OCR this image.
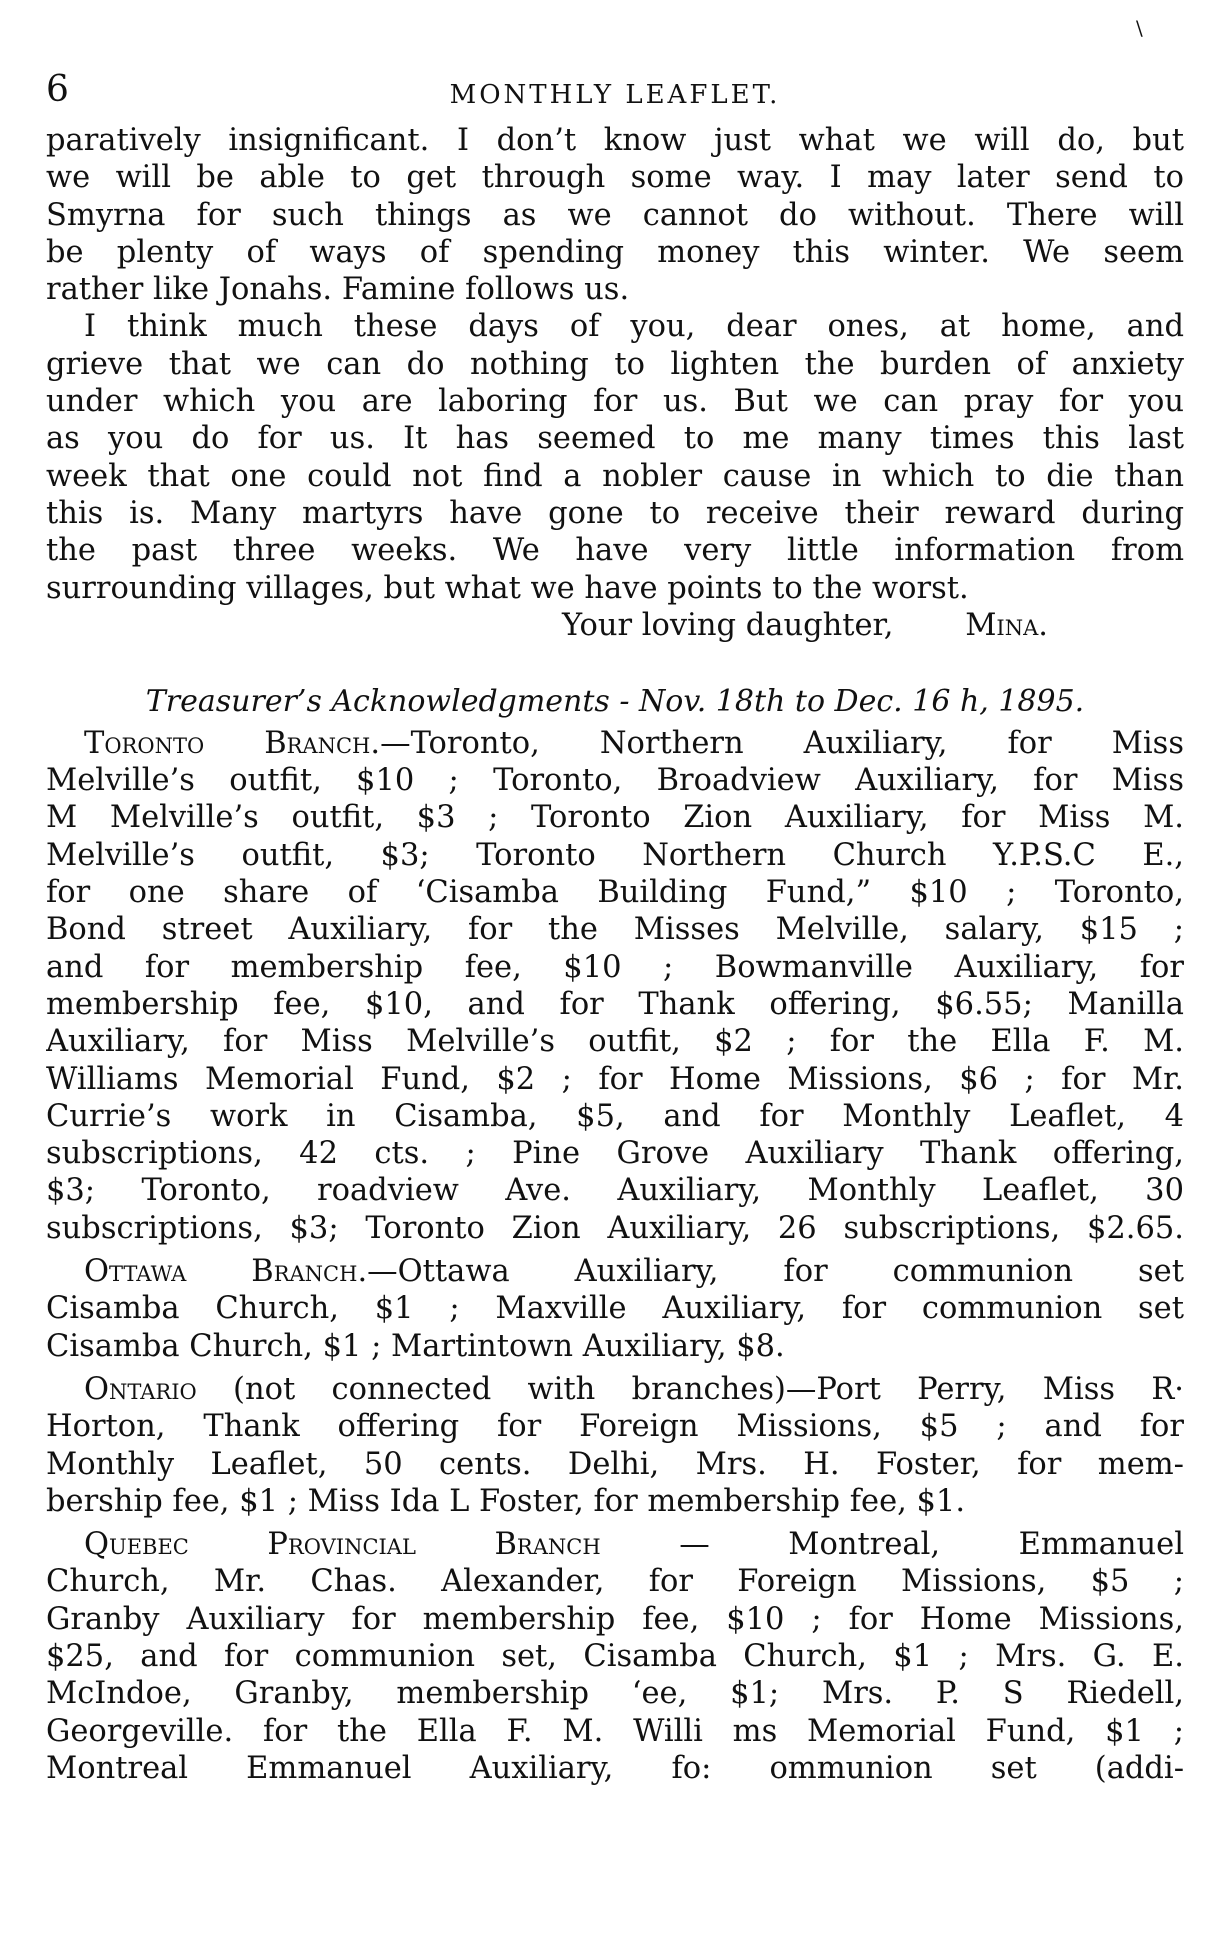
6	MONTHLY LEAFLET.
\
paratively insignificant. I don’t know just what we will do, but
we will be able to get through some way. I may later send to
Smyrna for such things as we cannot do without. There will
be plenty of ways of spending money this winter. We seem
rather like Jonahs. Famine follows us.
I think much these days of you, dear ones, at home, and
grieve that we can do nothing to lighten the burden of anxiety
under which you are laboring for us. But we can pray for you
as you do for us. It has seemed to me many times this last
week that one could not find a nobler cause in which to die than
this is. Many martyrs have gone to receive their reward during
the past three weeks. We have very little information from
surrounding villages, but what we have points to the worst.
Your loving daughter, Mina.
Treasurer’s Acknowledgments - Nov. 18th to Dec. 16 h, 1895.
Toronto Branch.—Toronto, Northern Auxiliary, for Miss
Melville’s outfit, $10 ; Toronto, Broadview Auxiliary, for Miss
M Melville’s outfit, $3 ; Toronto Zion Auxiliary, for Miss M.
Melville’s outfit, $3; Toronto Northern Church Y.P.S.C E.,
for one share of ‘Cisamba Building Fund,” $10 ; Toronto,
Bond street Auxiliary, for the Misses Melville, salary, $15 ;
and for membership fee, $10 ; Bowmanville Auxiliary, for
membership fee, $10, and for Thank offering, $6.55; Manilla
Auxiliary, for Miss Melville’s outfit, $2 ; for the Ella F. M.
Williams Memorial Fund, $2 ; for Home Missions, $6 ; for Mr.
Currie’s work in Cisamba, $5, and for Monthly Leaflet, 4
subscriptions, 42 cts. ; Pine Grove Auxiliary Thank offering,
$3; Toronto, roadview Ave. Auxiliary, Monthly Leaflet, 30
subscriptions, $3; Toronto Zion Auxiliary, 26 subscriptions, $2.65.
Ottawa Branch.—Ottawa Auxiliary, for communion set
Cisamba Church, $1 ; Maxville Auxiliary, for communion set
Cisamba Church, $1 ; Martintown Auxiliary, $8.
Ontario (not connected with branches)—Port Perry, Miss R·
Horton, Thank offering for Foreign Missions, $5 ; and for
Monthly Leaflet, 50 cents. Delhi, Mrs. H. Foster, for mem-
bership fee, $1 ; Miss Ida L Foster, for membership fee, $1.
Quebec Provincial Branch — Montreal, Emmanuel
Church, Mr. Chas. Alexander, for Foreign Missions, $5 ;
Granby Auxiliary for membership fee, $10 ; for Home Missions,
$25, and for communion set, Cisamba Church, $1 ; Mrs. G. E.
McIndoe, Granby, membership ‘ee, $1; Mrs. P. S Riedell,
Georgeville. for the Ella F. M. Willi ms Memorial Fund, $1 ;
Montreal Emmanuel Auxiliary, fo: ommunion set (addi-
